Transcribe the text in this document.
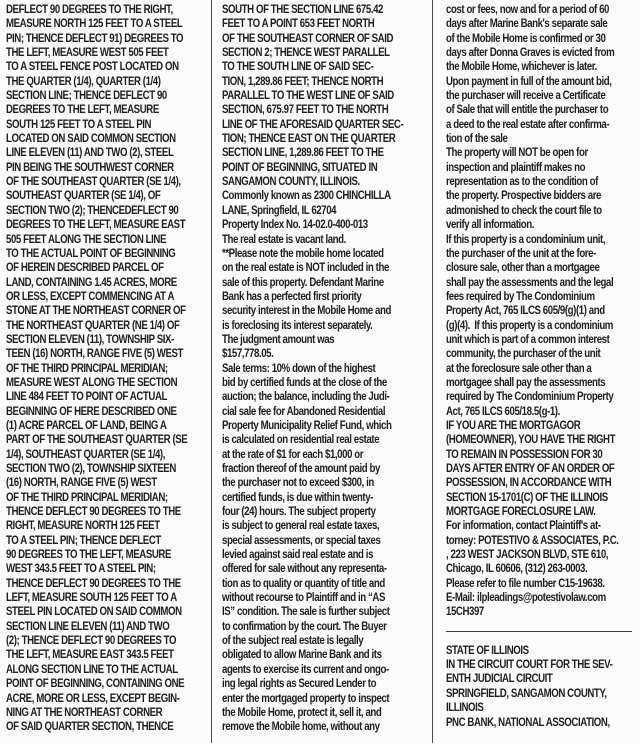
DEFLECT 90 DEGREES TO THE RIGHT,
MEASURE NORTH 125 FEET TO A STEEL
PIN; THENCE DEFLECT 91) DEGREES TO
THE LEFT, MEASURE WEST 505 FEET
TO A STEEL FENCE POST LOCATED ON
THE QUARTER (1/4), QUARTER (1/4)
SECTION LINE; THENCE DEFLECT 90
DEGREES TO THE LEFT, MEASURE
SOUTH 125 FEET TO A STEEL PIN
LOCATED ON SAID COMMON SECTION
LINE ELEVEN (11) AND TWO (2), STEEL
PIN BEING THE SOUTHWEST CORNER
OF THE SOUTHEAST QUARTER (SE 1/4),
SOUTHEAST QUARTER (SE 1/4), OF
SECTION TWO (2); THENCEDEFLECT 90
DEGREES TO THE LEFT, MEASURE EAST
505 FEET ALONG THE SECTION LINE
TO THE ACTUAL POINT OF BEGINNING
OF HEREIN DESCRIBED PARCEL OF
LAND, CONTAINING 1.45 ACRES, MORE
OR LESS, EXCEPT COMMENCING AT A
STONE AT THE NORTHEAST CORNER OF
THE NORTHEAST QUARTER (NE 1/4) OF
SECTION ELEVEN (11), TOWNSHIP SIX-
TEEN (16) NORTH, RANGE FIVE (5) WEST
OF THE THIRD PRINCIPAL MERIDIAN;
MEASURE WEST ALONG THE SECTION
LINE 484 FEET TO POINT OF ACTUAL
BEGINNING OF HERE DESCRIBED ONE
(1) ACRE PARCEL OF LAND, BEING A
PART OF THE SOUTHEAST QUARTER (SE
1/4), SOUTHEAST QUARTER (SE 1/4),
SECTION TWO (2), TOWNSHIP SIXTEEN
(16) NORTH, RANGE FIVE (5) WEST
OF THE THIRD PRINCIPAL MERIDIAN;
THENCE DEFLECT 90 DEGREES TO THE
RIGHT, MEASURE NORTH 125 FEET
TO A STEEL PIN; THENCE DEFLECT
90 DEGREES TO THE LEFT, MEASURE
WEST 343.5 FEET TO A STEEL PIN;
THENCE DEFLECT 90 DEGREES TO THE
LEFT, MEASURE SOUTH 125 FEET TO A
STEEL PIN LOCATED ON SAID COMMON
SECTION LINE ELEVEN (11) AND TWO
(2); THENCE DEFLECT 90 DEGREES TO
THE LEFT, MEASURE EAST 343.5 FEET
ALONG SECTION LINE TO THE ACTUAL
POINT OF BEGINNING, CONTAINING ONE
ACRE, MORE OR LESS, EXCEPT BEGIN-
NING AT THE NORTHEAST CORNER
OF SAID QUARTER SECTION, THENCE
SOUTH OF THE SECTION LINE 675.42
FEET TO A POINT 653 FEET NORTH
OF THE SOUTHEAST CORNER OF SAID
SECTION 2; THENCE WEST PARALLEL
TO THE SOUTH LINE OF SAID SEC-
TION, 1,289.86 FEET; THENCE NORTH
PARALLEL TO THE WEST LINE OF SAID
SECTION, 675.97 FEET TO THE NORTH
LINE OF THE AFORESAID QUARTER SEC-
TION; THENCE EAST ON THE QUARTER
SECTION LINE, 1,289.86 FEET TO THE
POINT OF BEGINNING, SITUATED IN
SANGAMON COUNTY, ILLINOIS.
Commonly known as 2300 CHINCHILLA
LANE, Springfield, IL 62704
Property Index No. 14-02.0-400-013
The real estate is vacant land.
**Please note the mobile home located
on the real estate is NOT included in the
sale of this property. Defendant Marine
Bank has a perfected first priority
security interest in the Mobile Home and
is foreclosing its interest separately.
The judgment amount was
$157,778.05.
Sale terms: 10% down of the highest
bid by certified funds at the close of the
auction; the balance, including the Judi-
cial sale fee for Abandoned Residential
Property Municipality Relief Fund, which
is calculated on residential real estate
at the rate of $1 for each $1,000 or
fraction thereof of the amount paid by
the purchaser not to exceed $300, in
certified funds, is due within twenty-
four (24) hours. The subject property
is subject to general real estate taxes,
special assessments, or special taxes
levied against said real estate and is
offered for sale without any representa-
tion as to quality or quantity of title and
without recourse to Plaintiff and in “AS
IS” condition. The sale is further subject
to confirmation by the court. The Buyer
of the subject real estate is legally
obligated to allow Marine Bank and its
agents to exercise its current and ongo-
ing legal rights as Secured Lender to
enter the mortgaged property to inspect
the Mobile Home, protect it, sell it, and
remove the Mobile home, without any
cost or fees, now and for a period of 60
days after Marine Bank's separate sale
of the Mobile Home is confirmed or 30
days after Donna Graves is evicted from
the Mobile Home, whichever is later.
Upon payment in full of the amount bid,
the purchaser will receive a Certificate
of Sale that will entitle the purchaser to
a deed to the real estate after confirma-
tion of the sale
The property will NOT be open for
inspection and plaintiff makes no
representation as to the condition of
the property. Prospective bidders are
admonished to check the court file to
verify all information.
If this property is a condominium unit,
the purchaser of the unit at the fore-
closure sale, other than a mortgagee
shall pay the assessments and the legal
fees required by The Condominium
Property Act, 765 ILCS 605/9(g)(1) and
(g)(4).  If this property is a condominium
unit which is part of a common interest
community, the purchaser of the unit
at the foreclosure sale other than a
mortgagee shall pay the assessments
required by The Condominium Property
Act, 765 ILCS 605/18.5(g-1).
IF YOU ARE THE MORTGAGOR
(HOMEOWNER), YOU HAVE THE RIGHT
TO REMAIN IN POSSESSION FOR 30
DAYS AFTER ENTRY OF AN ORDER OF
POSSESSION, IN ACCORDANCE WITH
SECTION 15-1701(C) OF THE ILLINOIS
MORTGAGE FORECLOSURE LAW.
For information, contact Plaintiff's at-
torney: POTESTIVO & ASSOCIATES, P.C.
, 223 WEST JACKSON BLVD, STE 610,
Chicago, IL 60606, (312) 263-0003.
Please refer to file number C15-19638.
E-Mail: ilpleadings@potestivolaw.com
15CH397
STATE OF ILLINOIS
IN THE CIRCUIT COURT FOR THE SEV-
ENTH JUDICIAL CIRCUIT
SPRINGFIELD, SANGAMON COUNTY,
ILLINOIS
PNC BANK, NATIONAL ASSOCIATION,
